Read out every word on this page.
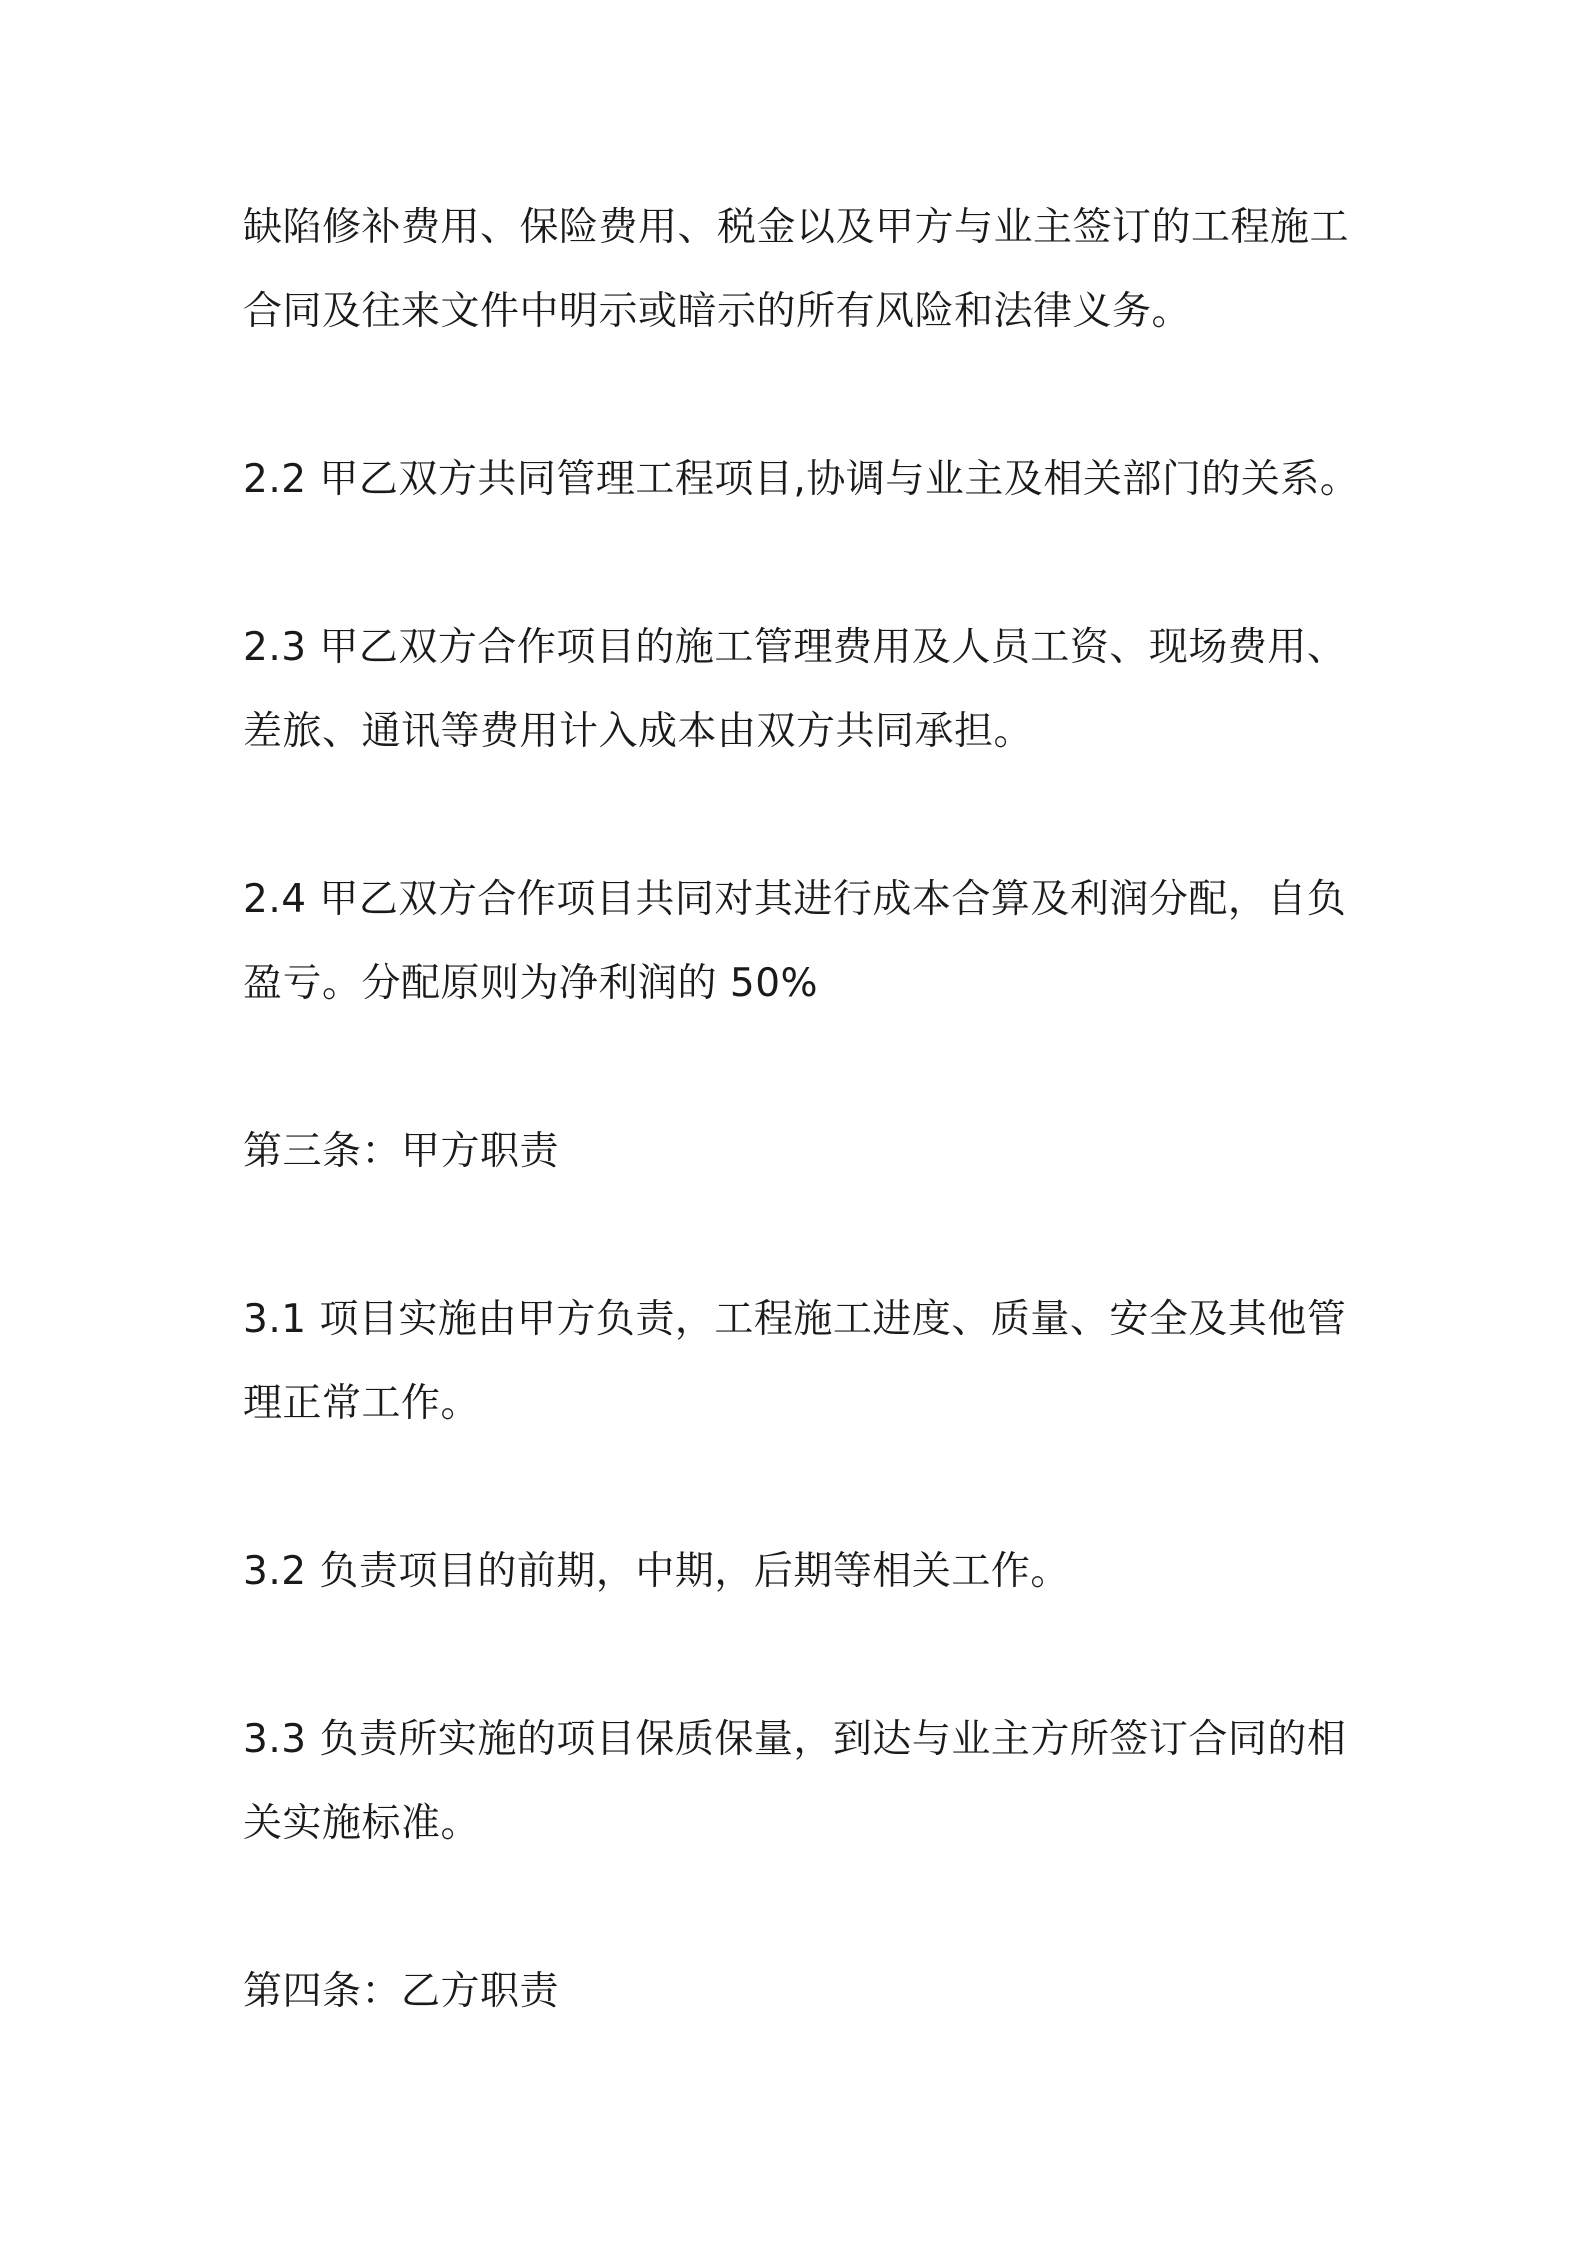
缺陷修补费用、保险费用、税金以及甲方与业主签订的工程施工
合同及往来文件中明示或暗示的所有风险和法律义务。

2.2 甲乙双方共同管理工程项目,协调与业主及相关部门的关系。

2.3 甲乙双方合作项目的施工管理费用及人员工资、现场费用、
差旅、通讯等费用计入成本由双方共同承担。

2.4 甲乙双方合作项目共同对其进行成本合算及利润分配，自负
盈亏。分配原则为净利润的 50%

第三条：甲方职责

3.1 项目实施由甲方负责，工程施工进度、质量、安全及其他管
理正常工作。

3.2 负责项目的前期，中期，后期等相关工作。

3.3 负责所实施的项目保质保量，到达与业主方所签订合同的相
关实施标准。

第四条：乙方职责
